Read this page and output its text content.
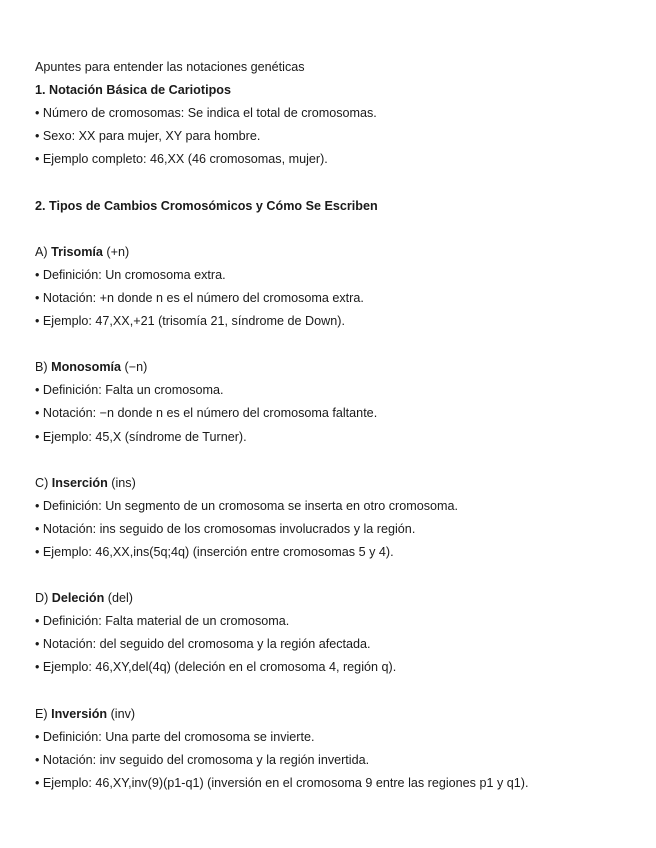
Apuntes para entender las notaciones genéticas
1. Notación Básica de Cariotipos
• Número de cromosomas: Se indica el total de cromosomas.
• Sexo: XX para mujer, XY para hombre.
• Ejemplo completo: 46,XX (46 cromosomas, mujer).
2. Tipos de Cambios Cromosómicos y Cómo Se Escriben
A) Trisomía (+n)
• Definición: Un cromosoma extra.
• Notación: +n donde n es el número del cromosoma extra.
• Ejemplo: 47,XX,+21 (trisomía 21, síndrome de Down).
B) Monosomía (−n)
• Definición: Falta un cromosoma.
• Notación: −n donde n es el número del cromosoma faltante.
• Ejemplo: 45,X (síndrome de Turner).
C) Inserción (ins)
• Definición: Un segmento de un cromosoma se inserta en otro cromosoma.
• Notación: ins seguido de los cromosomas involucrados y la región.
• Ejemplo: 46,XX,ins(5q;4q) (inserción entre cromosomas 5 y 4).
D) Deleción (del)
• Definición: Falta material de un cromosoma.
• Notación: del seguido del cromosoma y la región afectada.
• Ejemplo: 46,XY,del(4q) (deleción en el cromosoma 4, región q).
E) Inversión (inv)
• Definición: Una parte del cromosoma se invierte.
• Notación: inv seguido del cromosoma y la región invertida.
• Ejemplo: 46,XY,inv(9)(p1-q1) (inversión en el cromosoma 9 entre las regiones p1 y q1).
